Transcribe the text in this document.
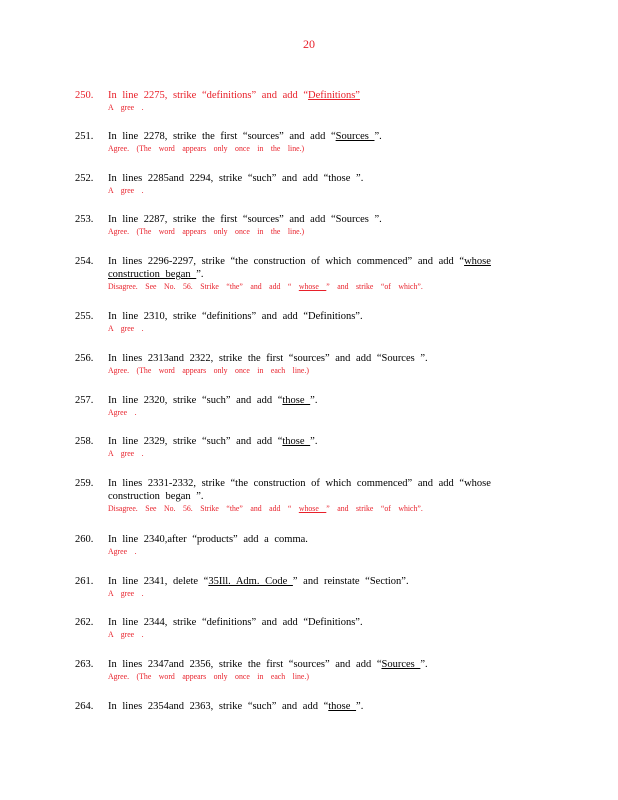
20
250. In line 2275, strike “definitions” and add “Definitions”
A gree .
251. In line 2278, strike the first “sources” and add “Sources ”.
Agree. (The word appears only once in the line.)
252. In lines 2285and 2294, strike “such” and add “those ”.
A gree .
253. In line 2287, strike the first “sources” and add “Sources ”.
Agree. (The word appears only once in the line.)
254. In lines 2296-2297, strike “the construction of which commenced” and add “whose
construction began ”.
Disagree. See No. 56. Strike “the” and add “ whose ” and strike “of which”.
255. In line 2310, strike “definitions” and add “Definitions”.
A gree .
256. In lines 2313and 2322, strike the first “sources” and add “Sources ”.
Agree. (The word appears only once in each line.)
257. In line 2320, strike “such” and add “those ”.
Agree .
258. In line 2329, strike “such” and add “those ”.
A gree .
259. In lines 2331-2332, strike “the construction of which commenced” and add “whose
construction began ”.
Disagree. See No. 56. Strike “the” and add “ whose ” and strike “of which”.
260. In line 2340,after “products” add a comma.
Agree .
261. In line 2341, delete “35Ill. Adm. Code ” and reinstate “Section”.
A gree .
262. In line 2344, strike “definitions” and add “Definitions”.
A gree .
263. In lines 2347and 2356, strike the first “sources” and add “Sources ”.
Agree. (The word appears only once in each line.)
264. In lines 2354and 2363, strike “such” and add “those ”.
